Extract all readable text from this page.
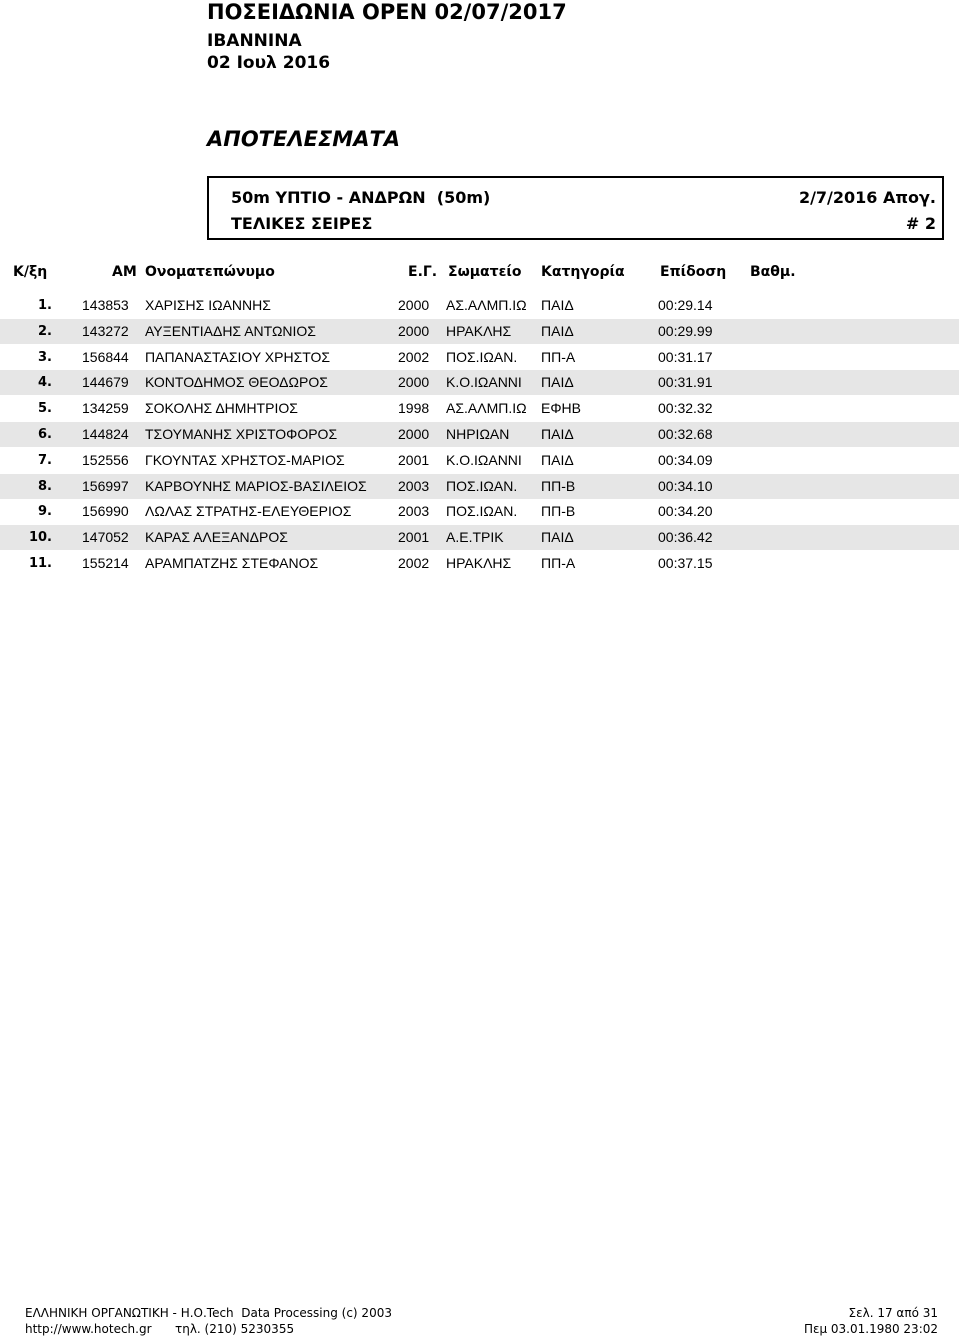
ΠΟΣΕΙΔΩΝΙΑ ΟΡΕΝ 02/07/2017
ΙΒΑΝΝΙΝΑ
02 Ιουλ 2016
ΑΠΟΤΕΛΕΣΜΑΤΑ
50m ΥΠΤΙΟ - ΑΝΔΡΩΝ  (50m)	2/7/2016 Απογ.
ΤΕΛΙΚΕΣ ΣΕΙΡΕΣ	# 2
Κ/ξη	ΑΜ Ονοματεπώνυμο	Ε.Γ. Σωματείο Κατηγορία	Επίδοση Βαθμ.
1. 143853 ΧΑΡΙΣΗΣ ΙΩΑΝΝΗΣ	2000 ΑΣ.ΑΛΜΠ.ΙΩ ΠΑΙΔ	00:29.14
2. 143272 ΑΥΞΕΝΤΙΑΔΗΣ ΑΝΤΩΝΙΟΣ	2000 ΗΡΑΚΛΗΣ ΠΑΙΔ	00:29.99
3. 156844 ΠΑΠΑΝΑΣΤΑΣΙΟΥ ΧΡΗΣΤΟΣ	2002 ΠΟΣ.ΙΩΑΝ. ΠΠ-Α	00:31.17
4. 144679 ΚΟΝΤΟΔΗΜΟΣ ΘΕΟΔΩΡΟΣ	2000 Κ.Ο.ΙΩΑΝΝΙ ΠΑΙΔ	00:31.91
5. 134259 ΣΟΚΟΛΗΣ ΔΗΜΗΤΡΙΟΣ	1998 ΑΣ.ΑΛΜΠ.ΙΩ ΕΦΗΒ	00:32.32
6. 144824 ΤΣΟΥΜΑΝΗΣ ΧΡΙΣΤΟΦΟΡΟΣ	2000 ΝΗΡΙΩΑΝ ΠΑΙΔ	00:32.68
7. 152556 ΓΚΟΥΝΤΑΣ ΧΡΗΣΤΟΣ-ΜΑΡΙΟΣ	2001 Κ.Ο.ΙΩΑΝΝΙ ΠΑΙΔ	00:34.09
8. 156997 ΚΑΡΒΟΥΝΗΣ ΜΑΡΙΟΣ-ΒΑΣΙΛΕΙΟΣ 2003 ΠΟΣ.ΙΩΑΝ. ΠΠ-Β	00:34.10
9. 156990 ΛΩΛΑΣ ΣΤΡΑΤΗΣ-ΕΛΕΥΘΕΡΙΟΣ	2003 ΠΟΣ.ΙΩΑΝ. ΠΠ-Β	00:34.20
10. 147052 ΚΑΡΑΣ ΑΛΕΞΑΝΔΡΟΣ	2001 Α.Ε.ΤΡΙΚ	ΠΑΙΔ	00:36.42
11. 155214 ΑΡΑΜΠΑΤΖΗΣ ΣΤΕΦΑΝΟΣ	2002 ΗΡΑΚΛΗΣ ΠΠ-Α	00:37.15
ΕΛΛΗΝΙΚΗ ΟΡΓΑΝΩΤΙΚΗ - Η.Ο.Tech  Data Processing (c) 2003
http://www.hotech.gr τηλ. (210) 5230355
Σελ. 17 από 31
Πεμ 03.01.1980 23:02
